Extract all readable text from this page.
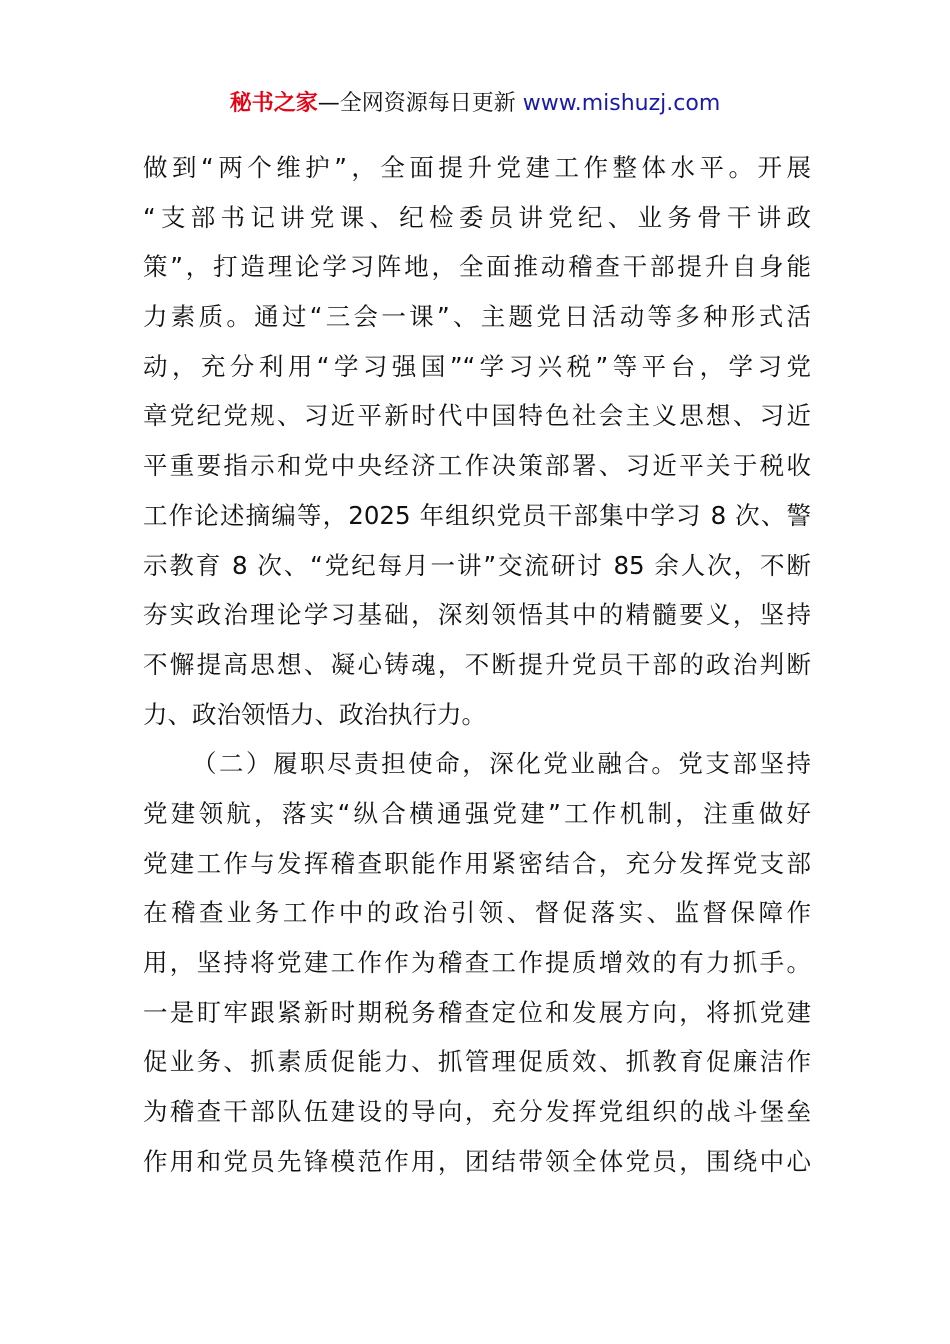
秘书之家—全网资源每日更新 www.mishuzj.com
做到“两个维护”，全面提升党建工作整体水平。开展
“支部书记讲党课、纪检委员讲党纪、业务骨干讲政
策”，打造理论学习阵地，全面推动稽查干部提升自身能
力素质。通过“三会一课”、主题党日活动等多种形式活
动，充分利用“学习强国”“学习兴税”等平台，学习党
章党纪党规、习近平新时代中国特色社会主义思想、习近
平重要指示和党中央经济工作决策部署、习近平关于税收
工作论述摘编等，2025 年组织党员干部集中学习 8 次、警
示教育 8 次、“党纪每月一讲”交流研讨 85 余人次，不断
夯实政治理论学习基础，深刻领悟其中的精髓要义，坚持
不懈提高思想、凝心铸魂，不断提升党员干部的政治判断
力、政治领悟力、政治执行力。
（二）履职尽责担使命，深化党业融合。党支部坚持
党建领航，落实“纵合横通强党建”工作机制，注重做好
党建工作与发挥稽查职能作用紧密结合，充分发挥党支部
在稽查业务工作中的政治引领、督促落实、监督保障作
用，坚持将党建工作作为稽查工作提质增效的有力抓手。
一是盯牢跟紧新时期税务稽查定位和发展方向，将抓党建
促业务、抓素质促能力、抓管理促质效、抓教育促廉洁作
为稽查干部队伍建设的导向，充分发挥党组织的战斗堡垒
作用和党员先锋模范作用，团结带领全体党员，围绕中心
